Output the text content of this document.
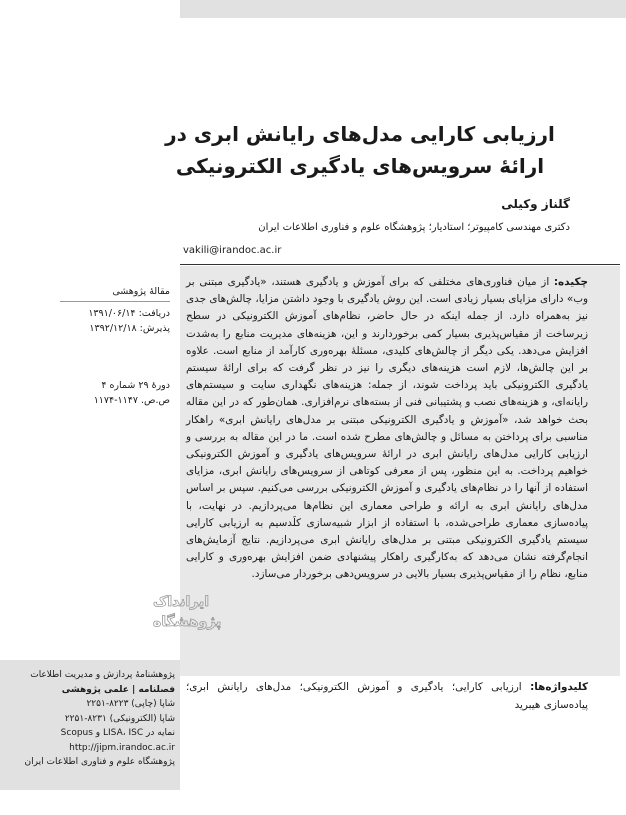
ارزیابی کارایی مدل‌های رایانش ابری در
ارائۀ سرویس‌های یادگیری الکترونیکی
گلناز وکیلی
دکتری مهندسی کامپیوتر؛ استادیار؛ پژوهشگاه علوم و فناوری اطلاعات ایران
vakili@irandoc.ac.ir
مقالۀ پژوهشی
دریافت: ۱۳۹۱/۰۶/۱۴
پذیرش: ۱۳۹۲/۱۲/۱۸
دورۀ ۲۹ شماره ۴
ص.ص. ۱۱۴۷-۱۱۷۴
چکیده: از میان فناوری‌های مختلفی که برای آموزش و یادگیری هستند، «یادگیری مبتنی بر وب» دارای مزایای بسیار زیادی است. این روش یادگیری با وجود داشتن مزایا، چالش‌های جدی نیز به‌همراه دارد. از جمله اینکه در حال حاضر، نظام‌های آموزش الکترونیکی در سطح زیرساخت از مقیاس‌پذیری بسیار کمی برخوردارند و این، هزینه‌های مدیریت منابع را به‌شدت افزایش می‌دهد. یکی دیگر از چالش‌های کلیدی، مسئلۀ بهره‌وری کارآمد از منابع است. علاوه بر این چالش‌ها، لازم است هزینه‌های دیگری را نیز در نظر گرفت که برای ارائۀ سیستم یادگیری الکترونیکی باید پرداخت شوند، از جمله: هزینه‌های نگهداری سایت و سیستم‌های رایانه‌ای، و هزینه‌های نصب و پشتیبانی فنی از بسته‌های نرم‌افزاری. همان‌طور که در این مقاله بحث خواهد شد، «آموزش و یادگیری الکترونیکی مبتنی بر مدل‌های رایانش ابری» راهکار مناسبی برای پرداختن به مسائل و چالش‌های مطرح شده است. ما در این مقاله به بررسی و ارزیابی کارایی مدل‌های رایانش ابری در ارائۀ سرویس‌های یادگیری و آموزش الکترونیکی خواهیم پرداخت. به این منظور، پس از معرفی کوتاهی از سرویس‌های رایانش ابری، مزایای استفاده از آنها را در نظام‌های یادگیری و آموزش الکترونیکی بررسی می‌کنیم. سپس بر اساس مدل‌های رایانش ابری به ارائه و طراحی معماری این نظام‌ها می‌پردازیم. در نهایت، با پیاده‌سازی معماری طراحی‌شده، با استفاده از ابزار شبیه‌سازی کلَدسیم به ارزیابی کارایی سیستم یادگیری الکترونیکی مبتنی بر مدل‌های رایانش ابری می‌پردازیم. نتایج آزمایش‌های انجام‌گرفته نشان می‌دهد که به‌کارگیری راهکار پیشنهادی ضمن افزایش بهره‌وری و کارایی منابع، نظام را از مقیاس‌پذیری بسیار بالایی در سرویس‌دهی برخوردار می‌سازد.
کلیدواژه‌ها: ارزیابی کارایی؛ یادگیری و آموزش الکترونیکی؛ مدل‌های رایانش ابری؛ پیاده‌سازی هیبرید
ایرانداک
پژوهشگاه
پژوهشنامۀ پردازش و مدیریت اطلاعات
فصلنامه | علمی پژوهشی
شاپا (چاپی) ۸۲۲۳-۲۲۵۱
شاپا (الکترونیکی) ۸۲۳۱-۲۲۵۱
نمایه در LISA، ISC و Scopus
http://jipm.irandoc.ac.ir
پژوهشگاه علوم و فناوری اطلاعات ایران
